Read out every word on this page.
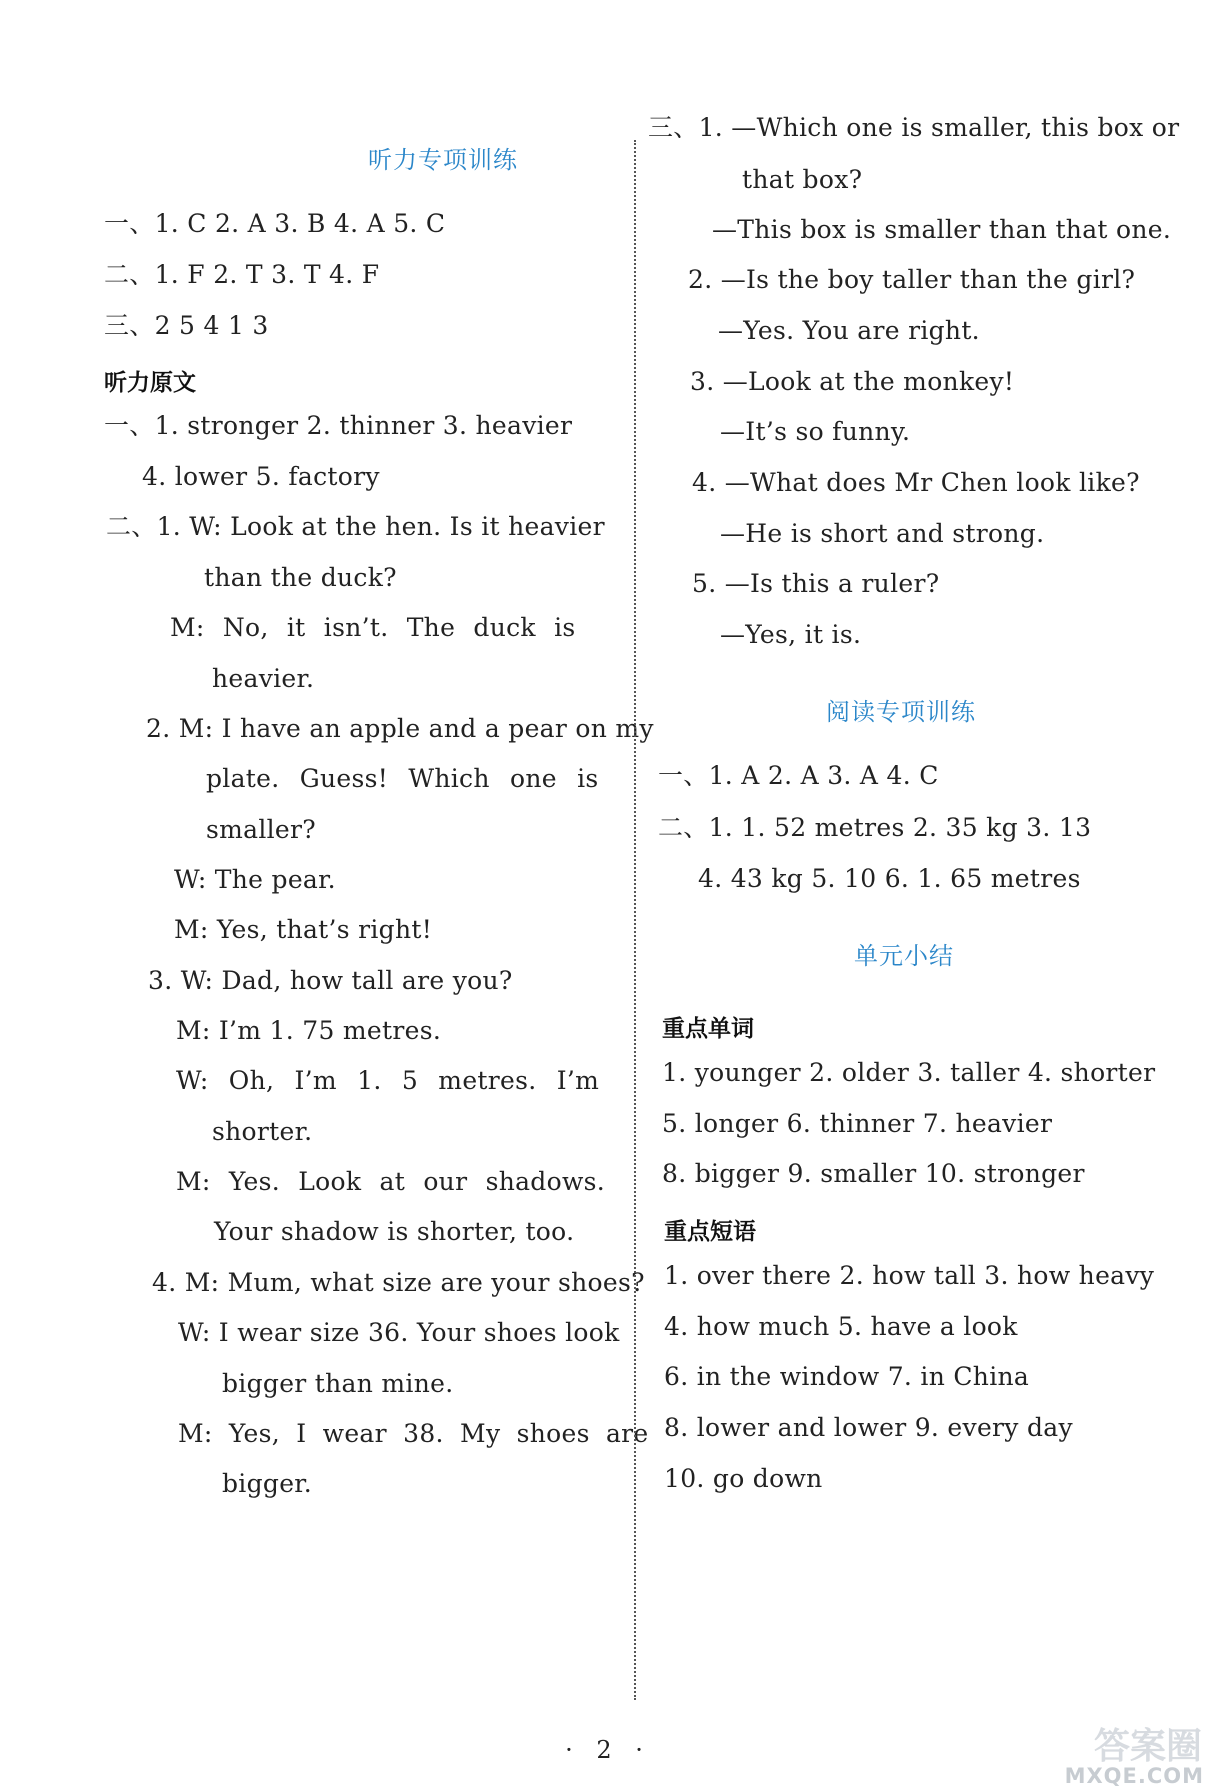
听力专项训练
一、1. C 2. A 3. B 4. A 5. C
二、1. F 2. T 3. T 4. F
三、2 5 4 1 3
听力原文
一、1. stronger 2. thinner 3. heavier
4. lower 5. factory
二、1. W: Look at the hen. Is it heavier
than the duck?
M: No, it isn’t. The duck is
heavier.
2. M: I have an apple and a pear on my
plate. Guess! Which one is
smaller?
W: The pear.
M: Yes, that’s right!
3. W: Dad, how tall are you?
M: I’m 1. 75 metres.
W: Oh, I’m 1. 5 metres. I’m
shorter.
M: Yes. Look at our shadows.
Your shadow is shorter, too.
4. M: Mum, what size are your shoes?
W: I wear size 36. Your shoes look
bigger than mine.
M: Yes, I wear 38. My shoes are
bigger.
三、1. —Which one is smaller, this box or
that box?
—This box is smaller than that one.
2. —Is the boy taller than the girl?
—Yes. You are right.
3. —Look at the monkey!
—It’s so funny.
4. —What does Mr Chen look like?
—He is short and strong.
5. —Is this a ruler?
—Yes, it is.
阅读专项训练
一、1. A 2. A 3. A 4. C
二、1. 1. 52 metres 2. 35 kg 3. 13
4. 43 kg 5. 10 6. 1. 65 metres
单元小结
重点单词
1. younger 2. older 3. taller 4. shorter
5. longer 6. thinner 7. heavier
8. bigger 9. smaller 10. stronger
重点短语
1. over there 2. how tall 3. how heavy
4. how much 5. have a look
6. in the window 7. in China
8. lower and lower 9. every day
10. go down
· 2 ·	答案圈
MXQE.COM
